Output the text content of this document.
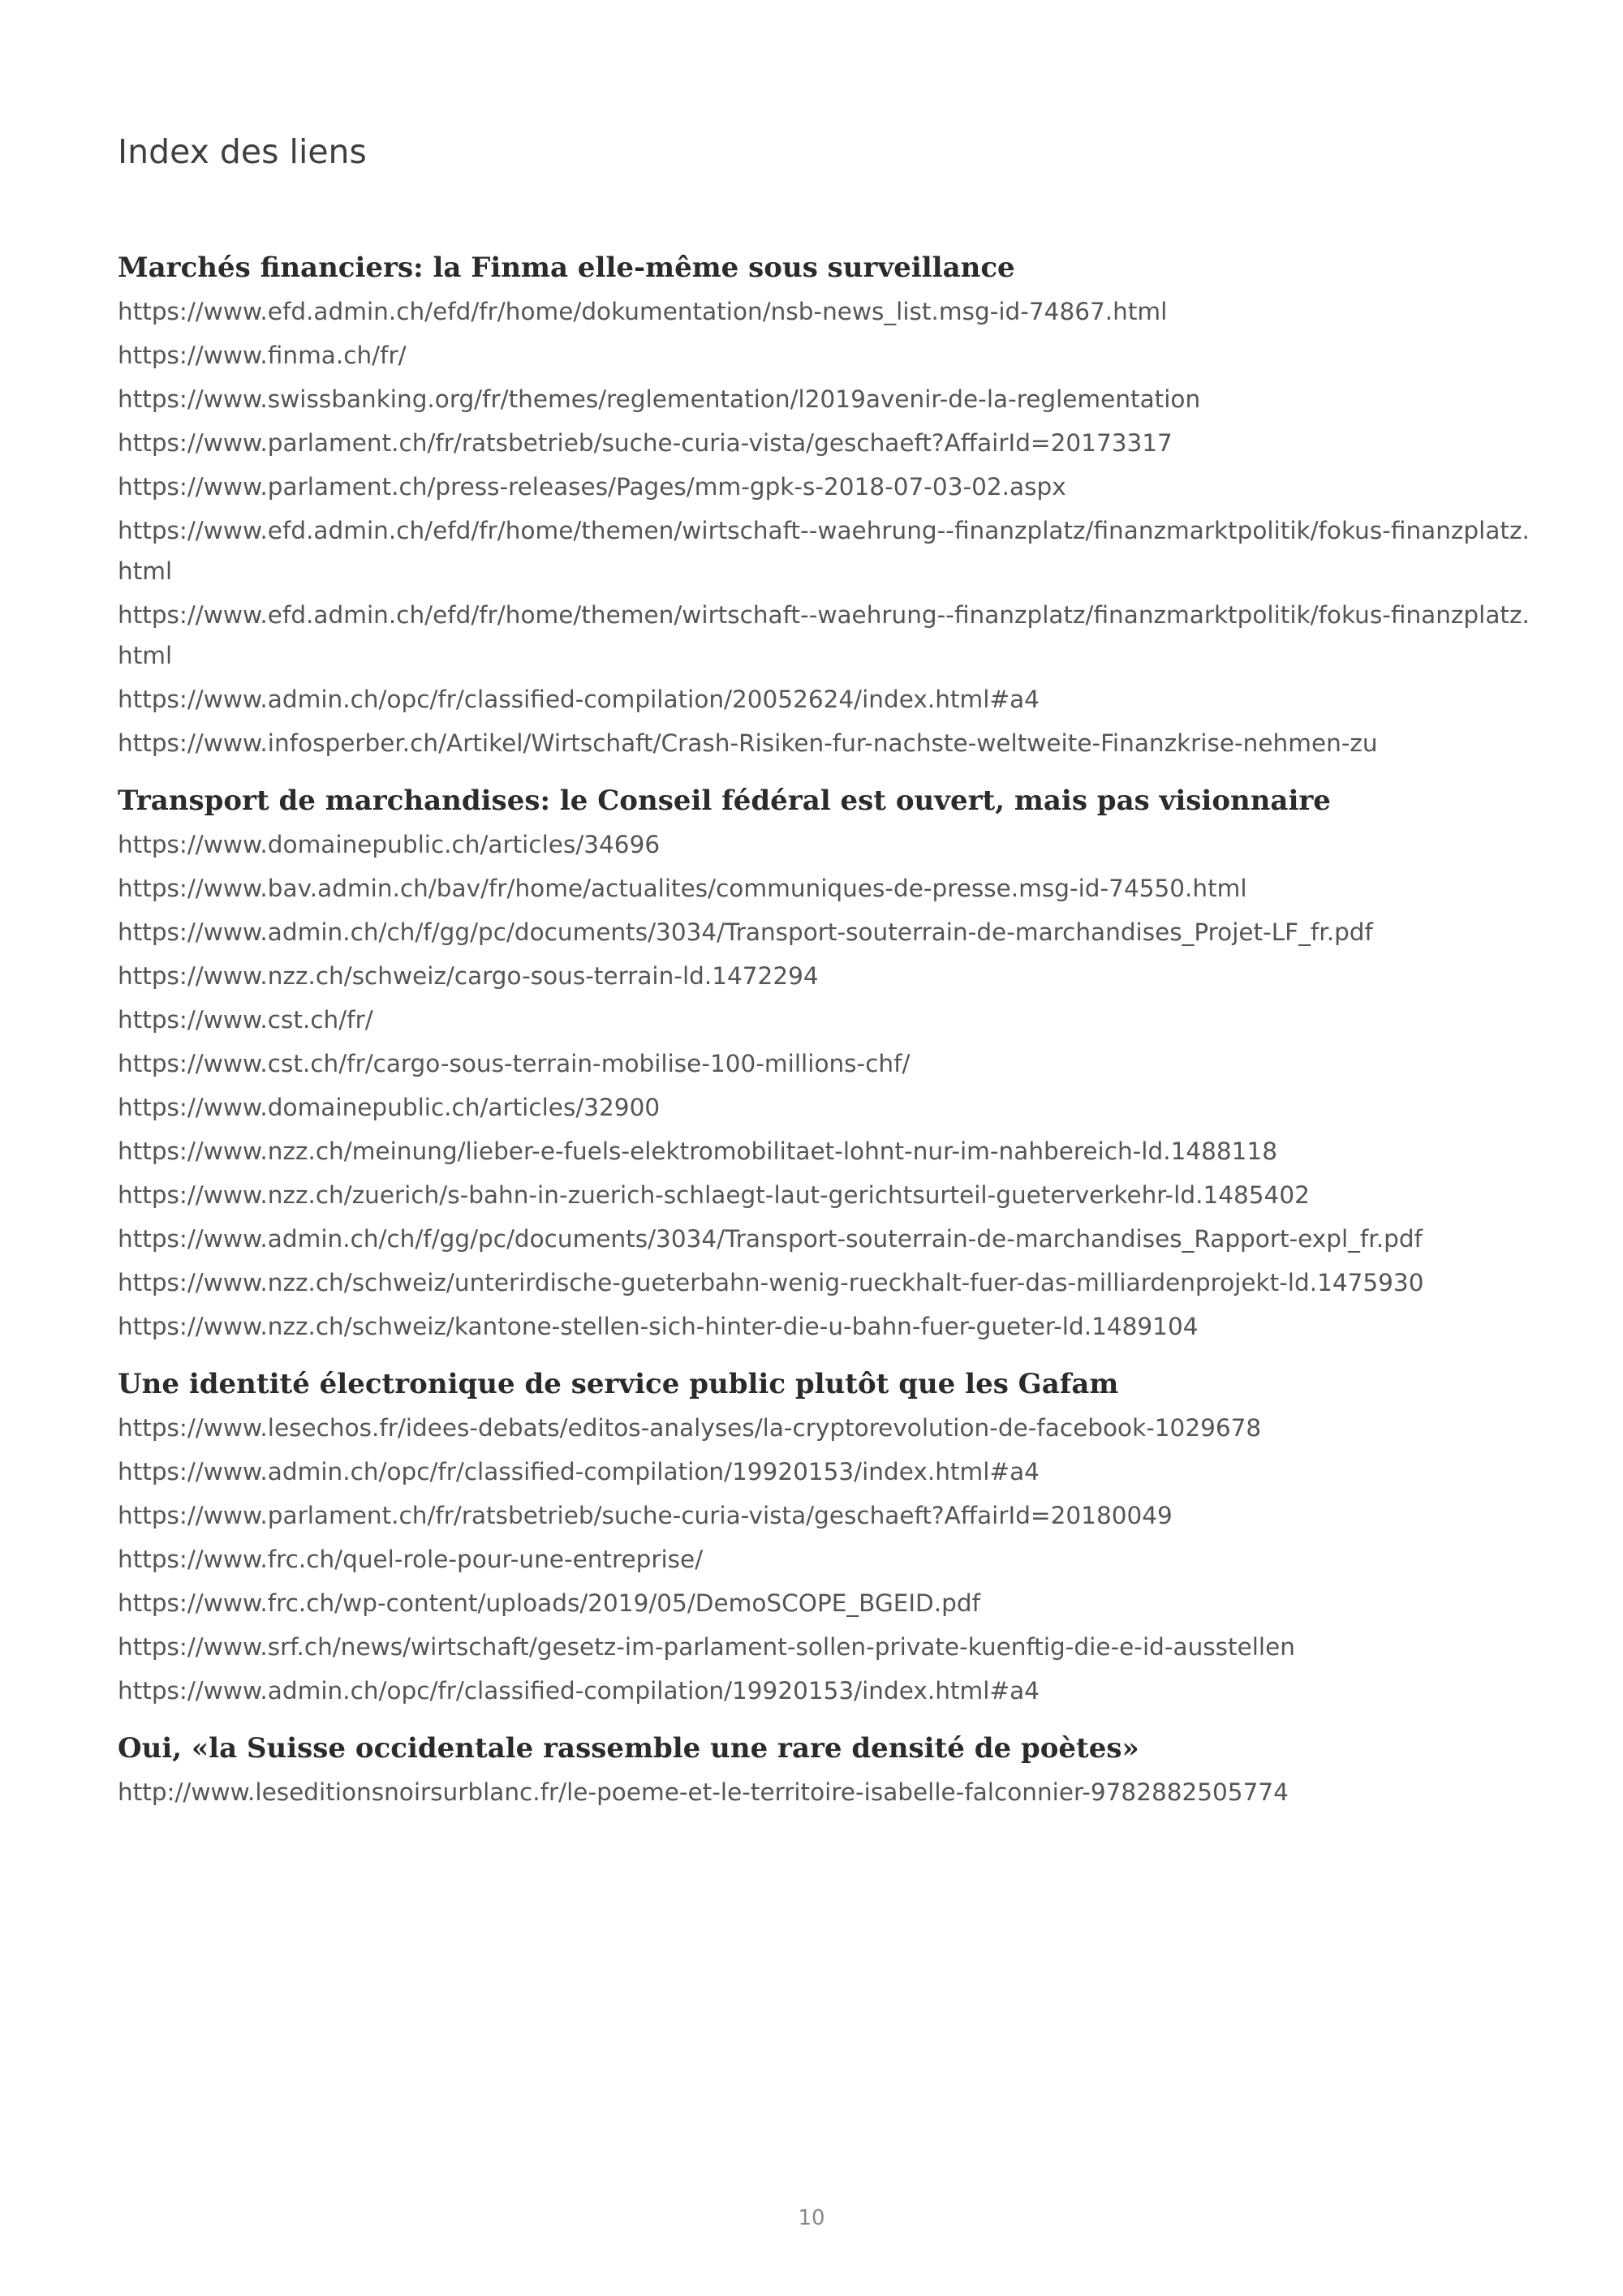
Index des liens
Marchés financiers: la Finma elle-même sous surveillance
https://www.efd.admin.ch/efd/fr/home/dokumentation/nsb-news_list.msg-id-74867.html
https://www.finma.ch/fr/
https://www.swissbanking.org/fr/themes/reglementation/l2019avenir-de-la-reglementation
https://www.parlament.ch/fr/ratsbetrieb/suche-curia-vista/geschaeft?AffairId=20173317
https://www.parlament.ch/press-releases/Pages/mm-gpk-s-2018-07-03-02.aspx
https://www.efd.admin.ch/efd/fr/home/themen/wirtschaft--waehrung--finanzplatz/finanzmarktpolitik/fokus-finanzplatz.html
https://www.efd.admin.ch/efd/fr/home/themen/wirtschaft--waehrung--finanzplatz/finanzmarktpolitik/fokus-finanzplatz.html
https://www.admin.ch/opc/fr/classified-compilation/20052624/index.html#a4
https://www.infosperber.ch/Artikel/Wirtschaft/Crash-Risiken-fur-nachste-weltweite-Finanzkrise-nehmen-zu
Transport de marchandises: le Conseil fédéral est ouvert, mais pas visionnaire
https://www.domainepublic.ch/articles/34696
https://www.bav.admin.ch/bav/fr/home/actualites/communiques-de-presse.msg-id-74550.html
https://www.admin.ch/ch/f/gg/pc/documents/3034/Transport-souterrain-de-marchandises_Projet-LF_fr.pdf
https://www.nzz.ch/schweiz/cargo-sous-terrain-ld.1472294
https://www.cst.ch/fr/
https://www.cst.ch/fr/cargo-sous-terrain-mobilise-100-millions-chf/
https://www.domainepublic.ch/articles/32900
https://www.nzz.ch/meinung/lieber-e-fuels-elektromobilitaet-lohnt-nur-im-nahbereich-ld.1488118
https://www.nzz.ch/zuerich/s-bahn-in-zuerich-schlaegt-laut-gerichtsurteil-gueterverkehr-ld.1485402
https://www.admin.ch/ch/f/gg/pc/documents/3034/Transport-souterrain-de-marchandises_Rapport-expl_fr.pdf
https://www.nzz.ch/schweiz/unterirdische-gueterbahn-wenig-rueckhalt-fuer-das-milliardenprojekt-ld.1475930
https://www.nzz.ch/schweiz/kantone-stellen-sich-hinter-die-u-bahn-fuer-gueter-ld.1489104
Une identité électronique de service public plutôt que les Gafam
https://www.lesechos.fr/idees-debats/editos-analyses/la-cryptorevolution-de-facebook-1029678
https://www.admin.ch/opc/fr/classified-compilation/19920153/index.html#a4
https://www.parlament.ch/fr/ratsbetrieb/suche-curia-vista/geschaeft?AffairId=20180049
https://www.frc.ch/quel-role-pour-une-entreprise/
https://www.frc.ch/wp-content/uploads/2019/05/DemoSCOPE_BGEID.pdf
https://www.srf.ch/news/wirtschaft/gesetz-im-parlament-sollen-private-kuenftig-die-e-id-ausstellen
https://www.admin.ch/opc/fr/classified-compilation/19920153/index.html#a4
Oui, «la Suisse occidentale rassemble une rare densité de poètes»
http://www.leseditionsnoirsurblanc.fr/le-poeme-et-le-territoire-isabelle-falconnier-9782882505774
10
